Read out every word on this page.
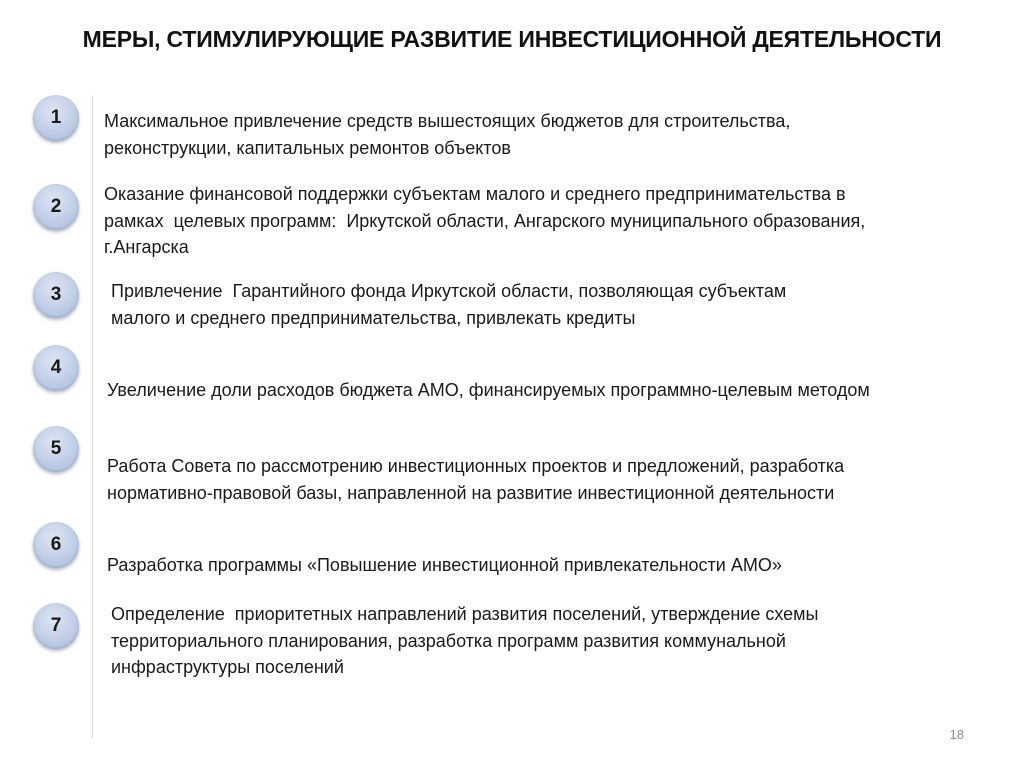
МЕРЫ, СТИМУЛИРУЮЩИЕ РАЗВИТИЕ ИНВЕСТИЦИОННОЙ ДЕЯТЕЛЬНОСТИ
1	Максимальное привлечение средств вышестоящих бюджетов для строительства,
реконструкции, капитальных ремонтов объектов
2
Оказание финансовой поддержки субъектам малого и среднего предпринимательства в
рамках  целевых программ:  Иркутской области, Ангарского муниципального образования,
г.Ангарска
3	Привлечение  Гарантийного фонда Иркутской области, позволяющая субъектам
малого и среднего предпринимательства, привлекать кредиты
4
Увеличение доли расходов бюджета АМО, финансируемых программно-целевым методом
5
Работа Совета по рассмотрению инвестиционных проектов и предложений, разработка
нормативно-правовой базы, направленной на развитие инвестиционной деятельности
6
Разработка программы «Повышение инвестиционной привлекательности АМО»
7
Определение  приоритетных направлений развития поселений, утверждение схемы
территориального планирования, разработка программ развития коммунальной
инфраструктуры поселений
18
